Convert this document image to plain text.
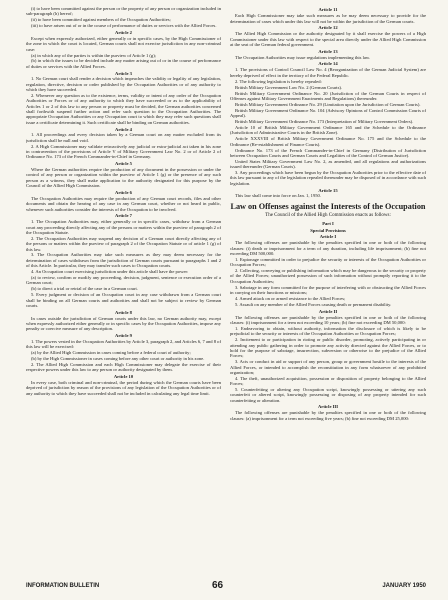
(i) to have been committed against the person or the property of any person or organization included in sub-paragraph (h) hereof;

(ii) to have been committed against members of the Occupation Authorities;

(iii) to have arisen out of or in the course of performance of duties or services with the Allied Forces.

Article 2

Except when expressly authorized, either generally or in specific cases, by the High Commissioner of the zone in which the court is located, German courts shall not exercise jurisdiction in any non-criminal case:

(a) in which any of the parties is within the purview of Article 1 (g);

(b) in which the issues to be decided include any matter arising out of or in the course of performance of duties or services with the Allied Forces.

Article 3

1. No German court shall render a decision which impeaches the validity or legality of any legislation, regulation, directive, decision or order published by the Occupation Authorities or of any authority to which they have succeeded.

2. Whenever any question as to the existence, terms, validity or intent of any order of the Occupation Authorities or Forces or of any authority to which they have succeeded or as to the applicability of Articles 1 or 2 of this law to any person or property must be decided, the German authorities concerned shall forthwith suspend further action and refer such question to the Occupation Authorities. The appropriate Occupation Authorities or any Occupation court to which they may refer such questions shall issue a certificate determining it. Such certificate shall be binding on German authorities.

Article 4

1. All proceedings and every decision taken by a German court on any matter excluded from its jurisdiction shall be null and void.

2. A High Commissioner may validate retroactively any judicial or extra-judicial act taken in his zone in contravention of the provisions of Article V of Military Government Law No. 2 or of Article 2 of Ordinance No. 173 of the French Commander-in-Chief in Germany.

Article 5

Where the German authorities require the production of any document in the possession or under the control of any person or organization within the purview of Article 1 (g) or the presence of any such person as a witness, they shall make application to the authority designated for this purpose by the Council of the Allied High Commission.

Article 6

The Occupation Authorities may require the production of any German court records, files and other documents and obtain the hearing of any case in any German court, whether or not heard in public, whenever such authorities consider the interests of the Occupation to be involved.

Article 7

1. The Occupation Authorities may, either generally or in specific cases, withdraw from a German court any proceeding directly affecting any of the persons or matters within the purview of paragraph 2 of the Occupation Statute.

2. The Occupation Authorities may suspend any decision of a German court directly affecting any of the persons or matters within the purview of paragraph 2 of the Occupation Statute or of article 1 (g) of this law.

3. The Occupation Authorities may take such measures as they may deem necessary for the determination of cases withdrawn from the jurisdiction of German courts pursuant to paragraphs 1 and 2 of this Article. In particular, they may transfer such cases to Occupation courts.

4. An Occupation court exercising jurisdiction under this article shall have the power:

(a) to review, confirm or modify any proceeding, decision, judgment, sentence or execution order of a German court;

(b) to direct a trial or retrial of the case in a German court.

5. Every judgment or decision of an Occupation court in any case withdrawn from a German court shall be binding on all German courts and authorities and shall not be subject to review by German courts.

Article 8

In cases outside the jurisdiction of German courts under this law, no German authority may, except when expressly authorized either generally or in specific cases by the Occupation Authorities, impose any penalty or coercive measure of any description.

Article 9

1. The powers vested in the Occupation Authorities by Article 3, paragraph 2, and Articles 6, 7 and 8 of this law will be exercised:

(a) by the Allied High Commission in cases coming before a federal court of authority;

(b) by the High Commissioner in cases coming before any other court or authority in his zone.

2. The Allied High Commission and each High Commissioner may delegate the exercise of their respective powers under this law to any person or authority designated by them.

Article 10

In every case, both criminal and non-criminal, the period during which the German courts have been deprived of jurisdiction by reason of the provisions of any legislation of the Occupation Authorities or of any authority to which they have succeeded shall not be included in calculating any legal time limit.

Article 11

Each High Commissioner may take such measures as he may deem necessary to provide for the determination of cases which under this law will not be within the jurisdiction of the German courts.

Article 12

The Allied High Commission or the authority designated by it shall exercise the powers of a High Commissioner under this law with respect to the special area directly under the Allied High Commission at the seat of the German federal government.

Article 13

The Occupation Authorities may issue regulations implementing this law.

Article 14

1. The provisions of Control Council Law No. 4 (Reorganization of the German Judicial System) are hereby deprived of effect in the territory of the Federal Republic.

2. The following legislation is hereby repealed:

British Military Government Law No. 2 (German Courts).

British Military Government Ordinance No. 20 (Jurisdiction of the German Courts in respect of Offenses against Military Government Enactments and Regulations) thereunder.

British Military Government Ordinance No. 29 (Limitation upon the Jurisdiction of German Courts).

British Military Government Ordinance No. 104 (Advisory Opinions of Control Commission Courts of Appeal).

British Military Government Ordinance No. 173 (Interpretation of Military Government Orders).

Article 10 of British Military Government Ordinance 165 and the Schedule to the Ordinance (Jurisdiction of Administrative Courts in the British Zone).

Article XXXVIII of British Military Government Ordinance No. 175 and the Schedule to the Ordinance (Re-establishment of Finance Courts).

Ordinance No. 173 of the French Commander-in-Chief in Germany (Distribution of Jurisdiction between Occupation Courts and German Courts and Legalities of the Control of German Justice).

United States Military Government Law No. 2, as amended, and all regulations and authorizations issued thereunder (German Courts).

3. Any proceedings which have been begun by the Occupation Authorities prior to the effective date of this law pursuant to any of the legislation repealed thereunder may be disposed of in accordance with such legislation.

Article 15

This law shall come into force on Jan. 1, 1950.

Law on Offenses against the Interests of the Occupation
The Council of the Allied High Commission enacts as follows:
Part I
Special Provisions
Article I

The following offenses are punishable by the penalties specified in one or both of the following clauses: (i) death or imprisonment for a term of any duration, including life imprisonment; (b) fine not exceeding DM 500,000.

1. Espionage committed in order to prejudice the security or interests of the Occupation Authorities or Occupation Forces;

2. Collecting, conveying or publishing information which may be dangerous to the security or property of the Allied Forces; unauthorized possession of such information without promptly reporting it to the Occupation Authorities;

3. Sabotage in any form committed for the purpose of interfering with or obstructing the Allied Forces in carrying on their functions or missions;

4. Armed attack on or armed resistance to the Allied Forces;

5. Assault on any member of the Allied Forces causing death or permanent disability.

Article II

The following offenses are punishable by the penalties specified in one or both of the following clauses: (i) imprisonment for a term not exceeding 10 years; (b) fine not exceeding DM 50,000:

1. Endeavoring to obtain, without authority, information the disclosure of which is likely to be prejudicial to the security or interests of the Occupation Authorities or Occupation Forces;

2. Incitement to or participation in rioting or public disorder, promoting, actively participating in or attending any public gathering in order to promote any activity directed against the Allied Forces, or to hold for the purpose of sabotage, insurrection, subversion or otherwise to the prejudice of the Allied Forces;

3. Acts or conduct in aid or support of any person, group or government hostile to the interests of the Allied Forces, or intended to accomplish the reconstitution in any form whatsoever of any prohibited organization;

4. The theft, unauthorized acquisition, possession or disposition of property belonging to the Allied Forces;

5. Counterfeiting or altering any Occupation script, knowingly possessing or uttering any such counterfeit or altered script, knowingly possessing or disposing of any property intended for such counterfeiting or alteration.

Article III

The following offenses are punishable by the penalties specified in one or both of the following clauses: (a) imprisonment for a term not exceeding five years; (b) fine not exceeding DM 25,000:

INFORMATION BULLETIN	66	JANUARY 1950
